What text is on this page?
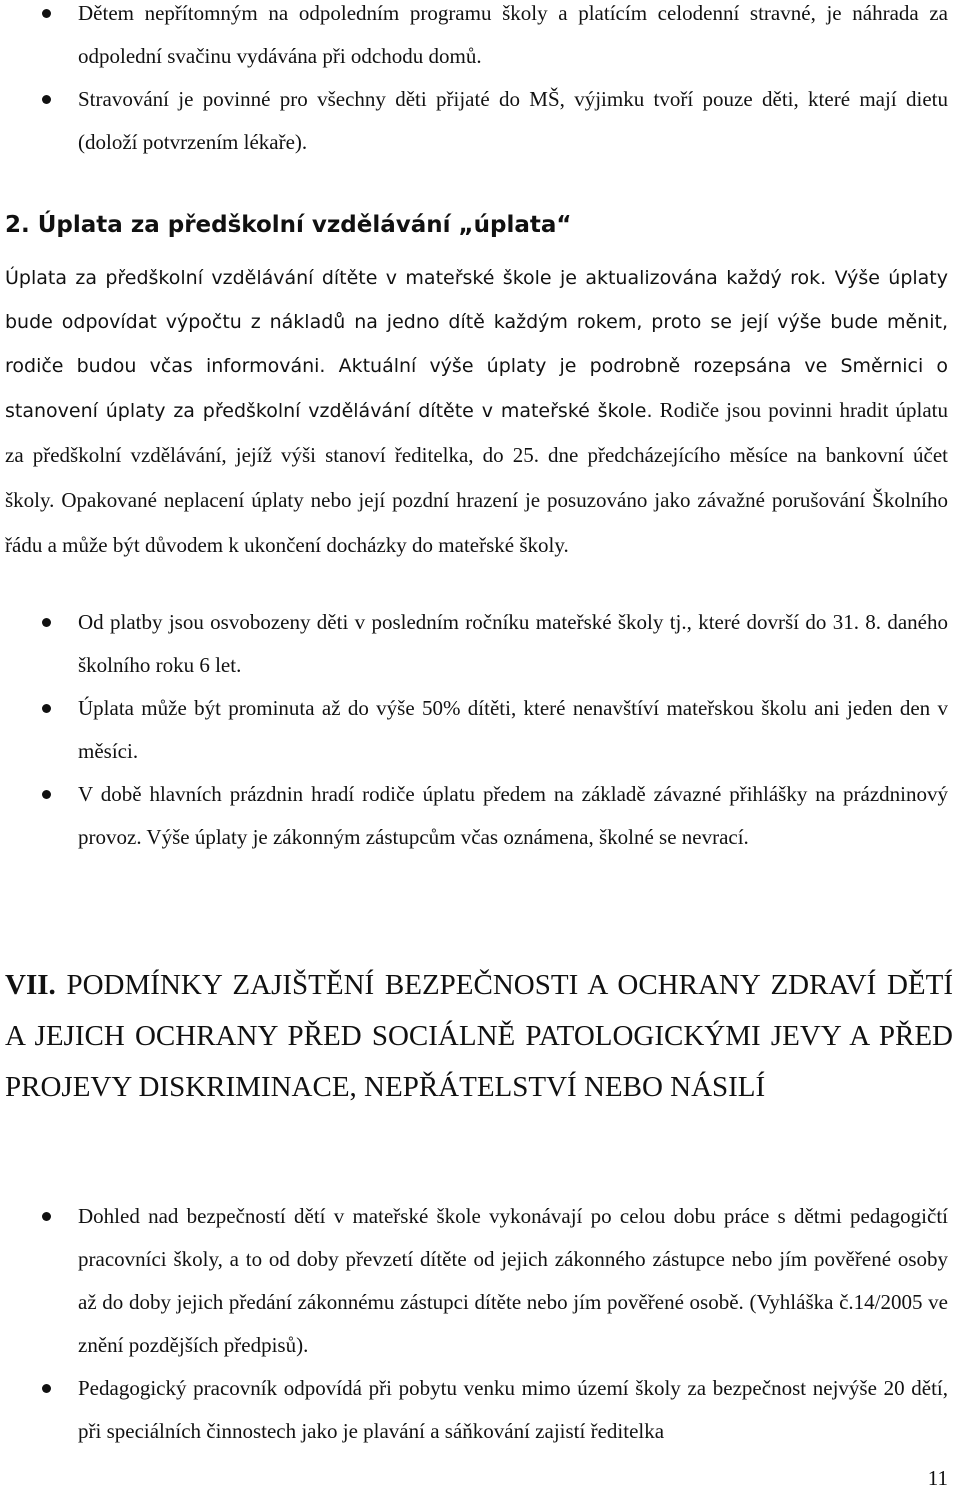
Dětem nepřítomným na odpoledním programu školy a platícím celodenní stravné, je náhrada za odpolední svačinu vydávána při odchodu domů.
Stravování je povinné pro všechny děti přijaté do MŠ, výjimku tvoří pouze děti, které mají dietu (doloží potvrzením lékaře).
2. Úplata za předškolní vzdělávání „úplata“

Úplata za předškolní vzdělávání dítěte v mateřské škole je aktualizována každý rok. Výše úplaty bude odpovídat výpočtu z nákladů na jedno dítě každým rokem, proto se její výše bude měnit, rodiče budou včas informováni. Aktuální výše úplaty je podrobně rozepsána ve Směrnici o stanovení úplaty za předškolní vzdělávání dítěte v mateřské škole. Rodiče jsou povinni hradit úplatu za předškolní vzdělávání, jejíž výši stanoví ředitelka, do 25. dne předcházejícího měsíce na bankovní účet školy. Opakované neplacení úplaty nebo její pozdní hrazení je posuzováno jako závažné porušování Školního řádu a může být důvodem k ukončení docházky do mateřské školy.

Od platby jsou osvobozeny děti v posledním ročníku mateřské školy tj., které dovrší do 31. 8. daného školního roku 6 let.
Úplata může být prominuta až do výše 50% dítěti, které nenavštíví mateřskou školu ani jeden den v měsíci.
V době hlavních prázdnin hradí rodiče úplatu předem na základě závazné přihlášky na prázdninový provoz. Výše úplaty je zákonným zástupcům včas oznámena, školné se nevrací.
VII. PODMÍNKY ZAJIŠTĚNÍ BEZPEČNOSTI A OCHRANY ZDRAVÍ DĚTÍ A JEJICH OCHRANY PŘED SOCIÁLNĚ PATOLOGICKÝMI JEVY A PŘED PROJEVY DISKRIMINACE, NEPŘÁTELSTVÍ NEBO NÁSILÍ
Dohled nad bezpečností dětí v mateřské škole vykonávají po celou dobu práce s dětmi pedagogičtí pracovníci školy, a to od doby převzetí dítěte od jejich zákonného zástupce nebo jím pověřené osoby až do doby jejich předání zákonnému zástupci dítěte nebo jím pověřené osobě. (Vyhláška č.14/2005 ve znění pozdějších předpisů).
Pedagogický pracovník odpovídá při pobytu venku mimo území školy za bezpečnost nejvýše 20 dětí, při speciálních činnostech jako je plavání a sáňkování zajistí ředitelka
11
